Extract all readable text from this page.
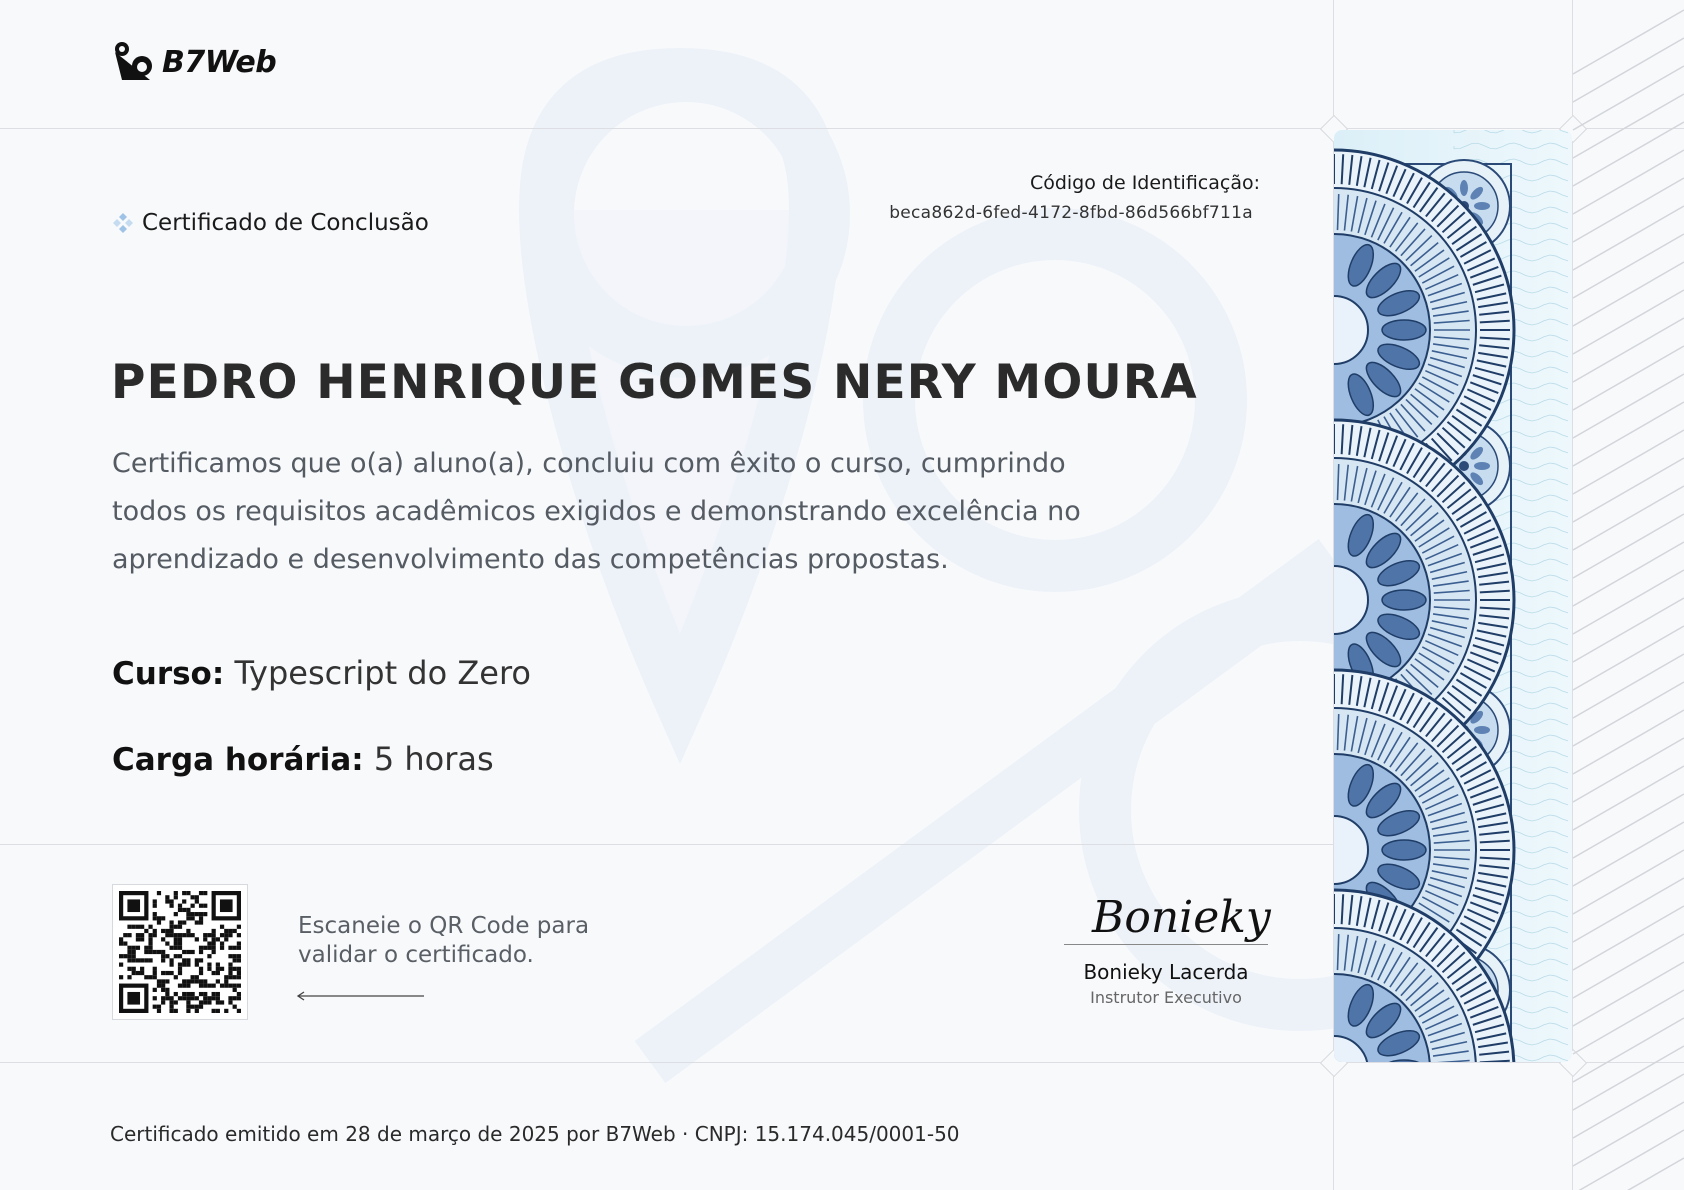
B7Web
Certificado de Conclusão
Código de Identificação:
beca862d-6fed-4172-8fbd-86d566bf711a
PEDRO HENRIQUE GOMES NERY MOURA
Certificamos que o(a) aluno(a), concluiu com êxito o curso, cumprindo todos os requisitos acadêmicos exigidos e demonstrando excelência no aprendizado e desenvolvimento das competências propostas.
Curso: Typescript do Zero
Carga horária: 5 horas
Escaneie o QR Code para
validar o certificado.
Bonieky
Bonieky Lacerda
Instrutor Executivo
Certificado emitido em 28 de março de 2025 por B7Web · CNPJ: 15.174.045/0001-50
